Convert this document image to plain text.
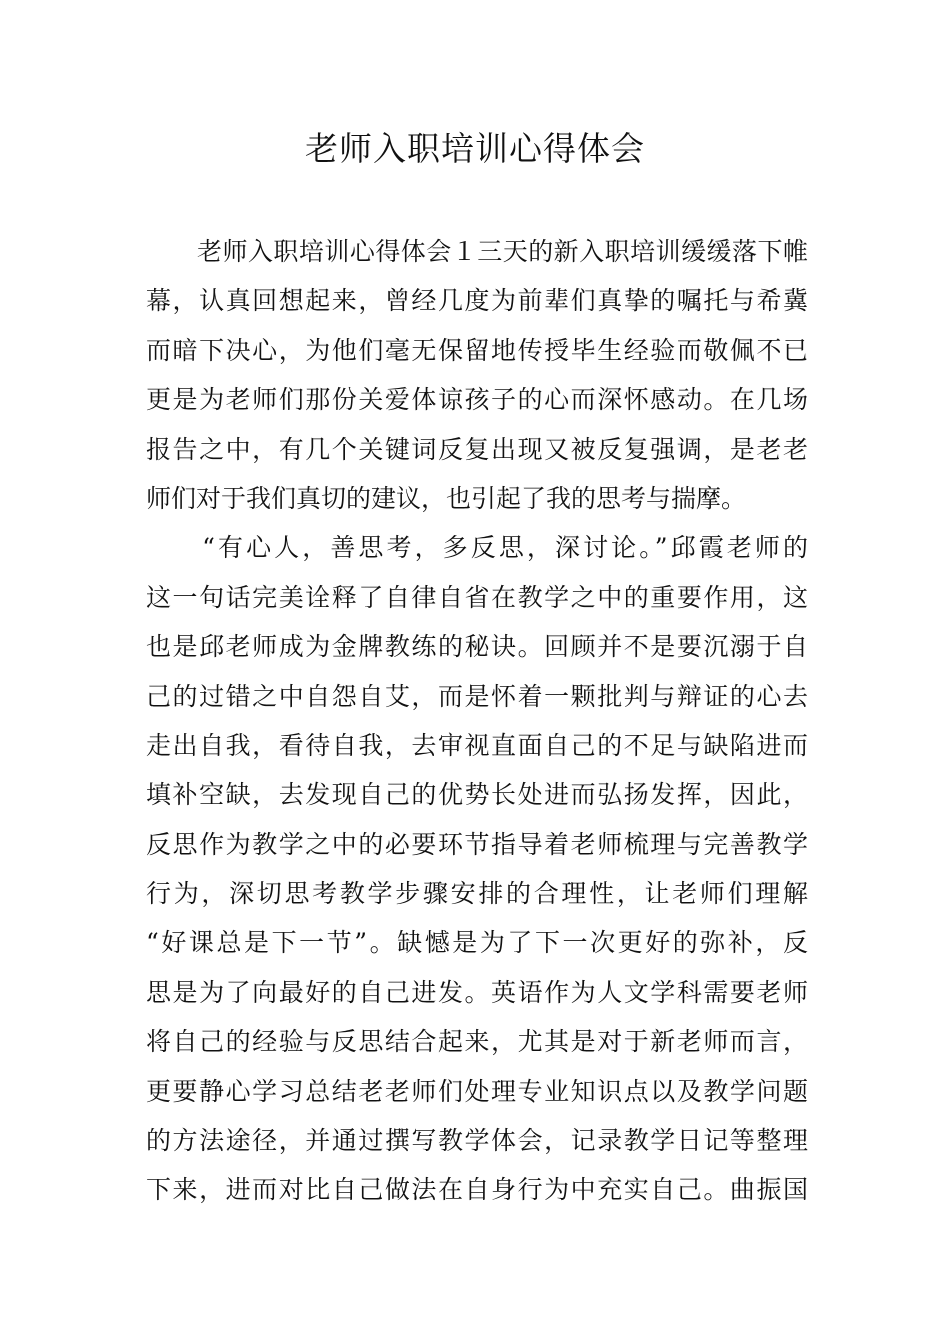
老师入职培训心得体会
　　老师入职培训心得体会１三天的新入职培训缓缓落下帷
幕，认真回想起来，曾经几度为前辈们真挚的嘱托与希冀
而暗下决心，为他们毫无保留地传授毕生经验而敬佩不已
更是为老师们那份关爱体谅孩子的心而深怀感动。在几场
报告之中，有几个关键词反复出现又被反复强调，是老老
师们对于我们真切的建议，也引起了我的思考与揣摩。
　　“有心人，善思考，多反思，深讨论。”邱霞老师的
这一句话完美诠释了自律自省在教学之中的重要作用，这
也是邱老师成为金牌教练的秘诀。回顾并不是要沉溺于自
己的过错之中自怨自艾，而是怀着一颗批判与辩证的心去
走出自我，看待自我，去审视直面自己的不足与缺陷进而
填补空缺，去发现自己的优势长处进而弘扬发挥，因此，
反思作为教学之中的必要环节指导着老师梳理与完善教学
行为，深切思考教学步骤安排的合理性，让老师们理解
“好课总是下一节”。缺憾是为了下一次更好的弥补，反
思是为了向最好的自己进发。英语作为人文学科需要老师
将自己的经验与反思结合起来，尤其是对于新老师而言，
更要静心学习总结老老师们处理专业知识点以及教学问题
的方法途径，并通过撰写教学体会，记录教学日记等整理
下来，进而对比自己做法在自身行为中充实自己。曲振国
